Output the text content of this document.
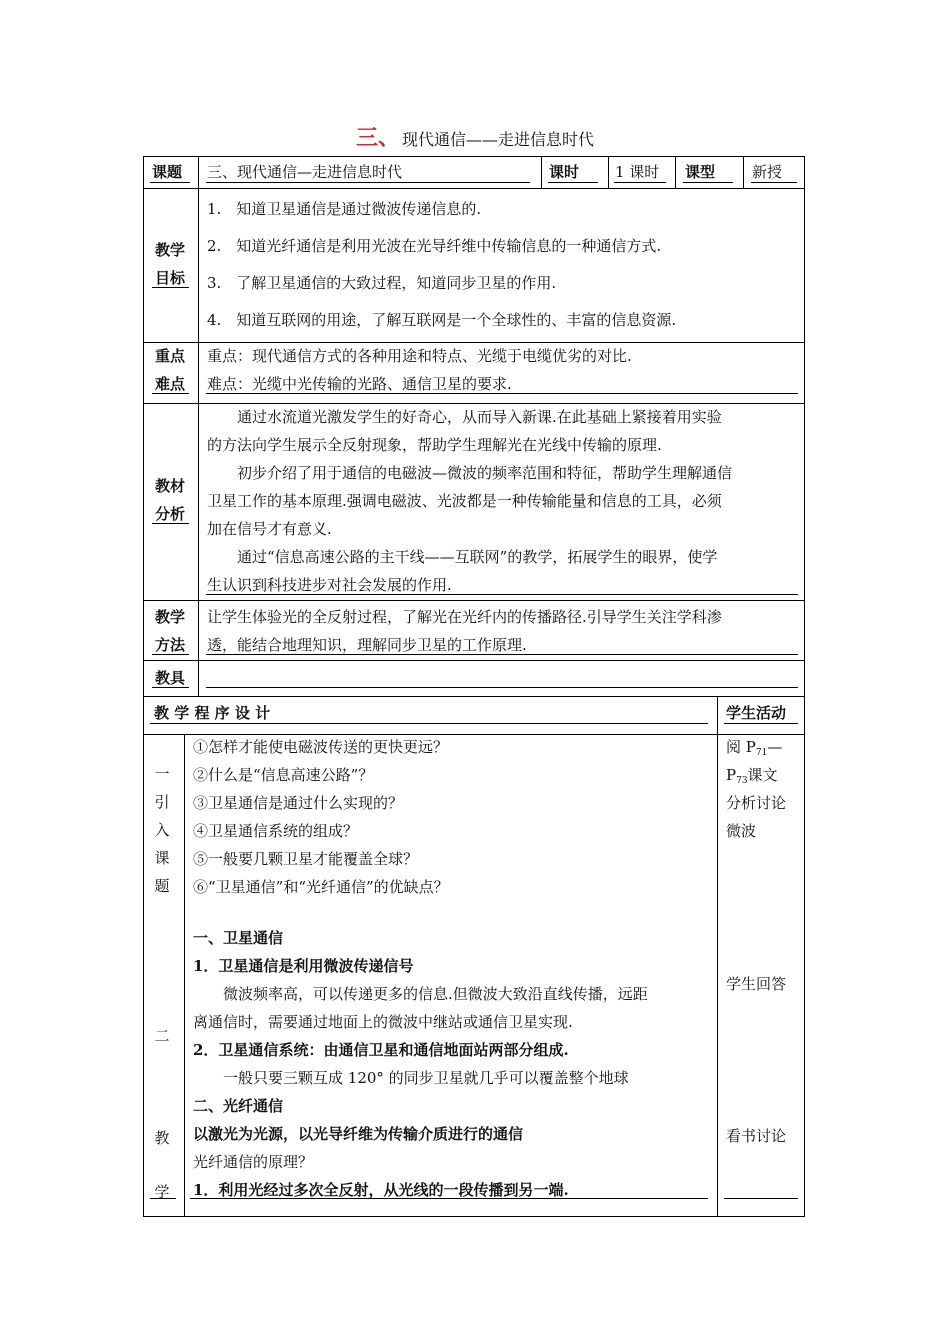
三、 现代通信——走进信息时代
课题 三、现代通信—走进信息时代	课时 1 课时 课型 新授
教学
目标
1.　知道卫星通信是通过微波传递信息的.
2.　知道光纤通信是利用光波在光导纤维中传输信息的一种通信方式.
3.　了解卫星通信的大致过程，知道同步卫星的作用.
4.　知道互联网的用途，了解互联网是一个全球性的、丰富的信息资源.
重点
难点
重点：现代通信方式的各种用途和特点、光缆于电缆优劣的对比.
难点：光缆中光传输的光路、通信卫星的要求.
教材
分析
　　通过水流道光激发学生的好奇心，从而导入新课.在此基础上紧接着用实验
的方法向学生展示全反射现象，帮助学生理解光在光线中传输的原理.
　　初步介绍了用于通信的电磁波—微波的频率范围和特征，帮助学生理解通信
卫星工作的基本原理.强调电磁波、光波都是一种传输能量和信息的工具，必须
加在信号才有意义.
　　通过“信息高速公路的主干线——互联网”的教学，拓展学生的眼界，使学
生认识到科技进步对社会发展的作用.
教学
方法
让学生体验光的全反射过程，了解光在光纤内的传播路径.引导学生关注学科渗
透，能结合地理知识，理解同步卫星的工作原理.
教具
教 学 程 序 设 计	学生活动
一
引
入
课
题
①怎样才能使电磁波传送的更快更远？
②什么是“信息高速公路”？
③卫星通信是通过什么实现的？
④卫星通信系统的组成？
⑤一般要几颗卫星才能覆盖全球？
⑥“卫星通信”和“光纤通信”的优缺点？
阅 $P_{71}—$
$P_{73}$课文
分析讨论
微波
一、卫星通信
1．卫星通信是利用微波传递信号
　　微波频率高，可以传递更多的信息.但微波大致沿直线传播，远距
离通信时，需要通过地面上的微波中继站或通信卫星实现.
2．卫星通信系统：由通信卫星和通信地面站两部分组成.
　　一般只要三颗互成 120° 的同步卫星就几乎可以覆盖整个地球
二、光纤通信
以激光为光源，以光导纤维为传输介质进行的通信
光纤通信的原理？
1．利用光经过多次全反射，从光线的一段传播到另一端.
二
教
学
学生回答
看书讨论
